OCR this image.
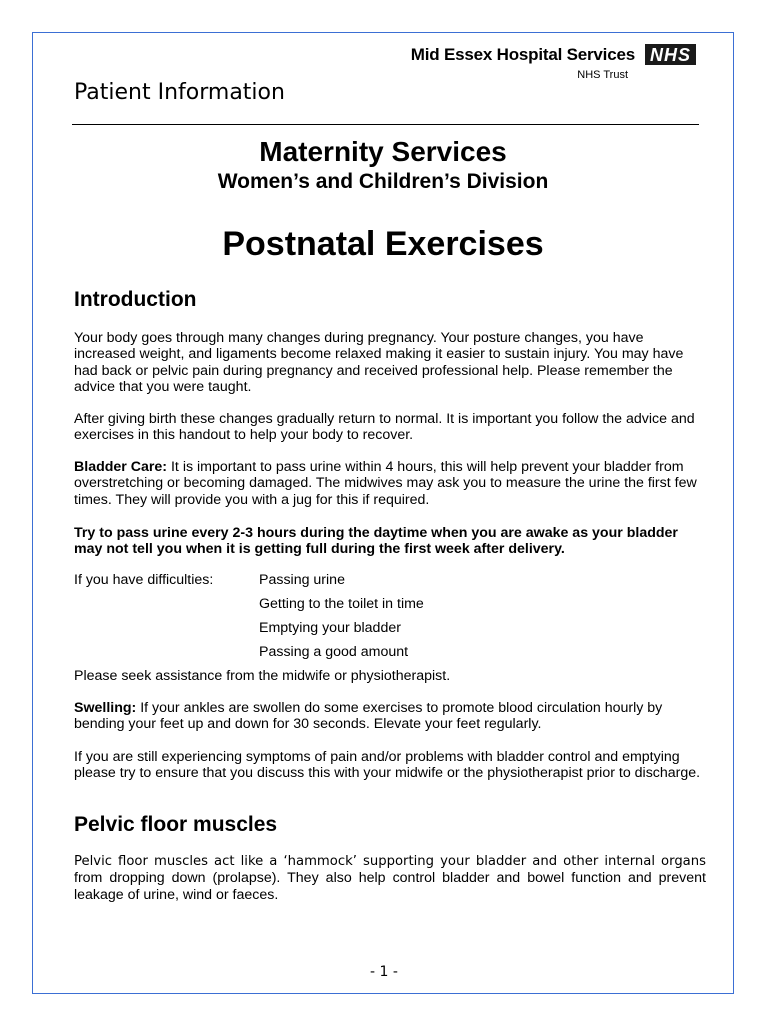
Mid Essex Hospital Services NHS
NHS Trust
Patient Information
Maternity Services
Women’s and Children’s Division
Postnatal Exercises
Introduction
Your body goes through many changes during pregnancy. Your posture changes, you have increased weight, and ligaments become relaxed making it easier to sustain injury. You may have had back or pelvic pain during pregnancy and received professional help. Please remember the advice that you were taught.
After giving birth these changes gradually return to normal. It is important you follow the advice and exercises in this handout to help your body to recover.
Bladder Care: It is important to pass urine within 4 hours, this will help prevent your bladder from overstretching or becoming damaged. The midwives may ask you to measure the urine the first few times. They will provide you with a jug for this if required.
Try to pass urine every 2-3 hours during the daytime when you are awake as your bladder may not tell you when it is getting full during the first week after delivery.
If you have difficulties:	Passing urine
Getting to the toilet in time
Emptying your bladder
Passing a good amount
Please seek assistance from the midwife or physiotherapist.
Swelling: If your ankles are swollen do some exercises to promote blood circulation hourly by bending your feet up and down for 30 seconds. Elevate your feet regularly.
If you are still experiencing symptoms of pain and/or problems with bladder control and emptying please try to ensure that you discuss this with your midwife or the physiotherapist prior to discharge.
Pelvic floor muscles
Pelvic floor muscles act like a ‘hammock’ supporting your bladder and other internal organs from dropping down (prolapse). They also help control bladder and bowel function and prevent leakage of urine, wind or faeces.
- 1 -
